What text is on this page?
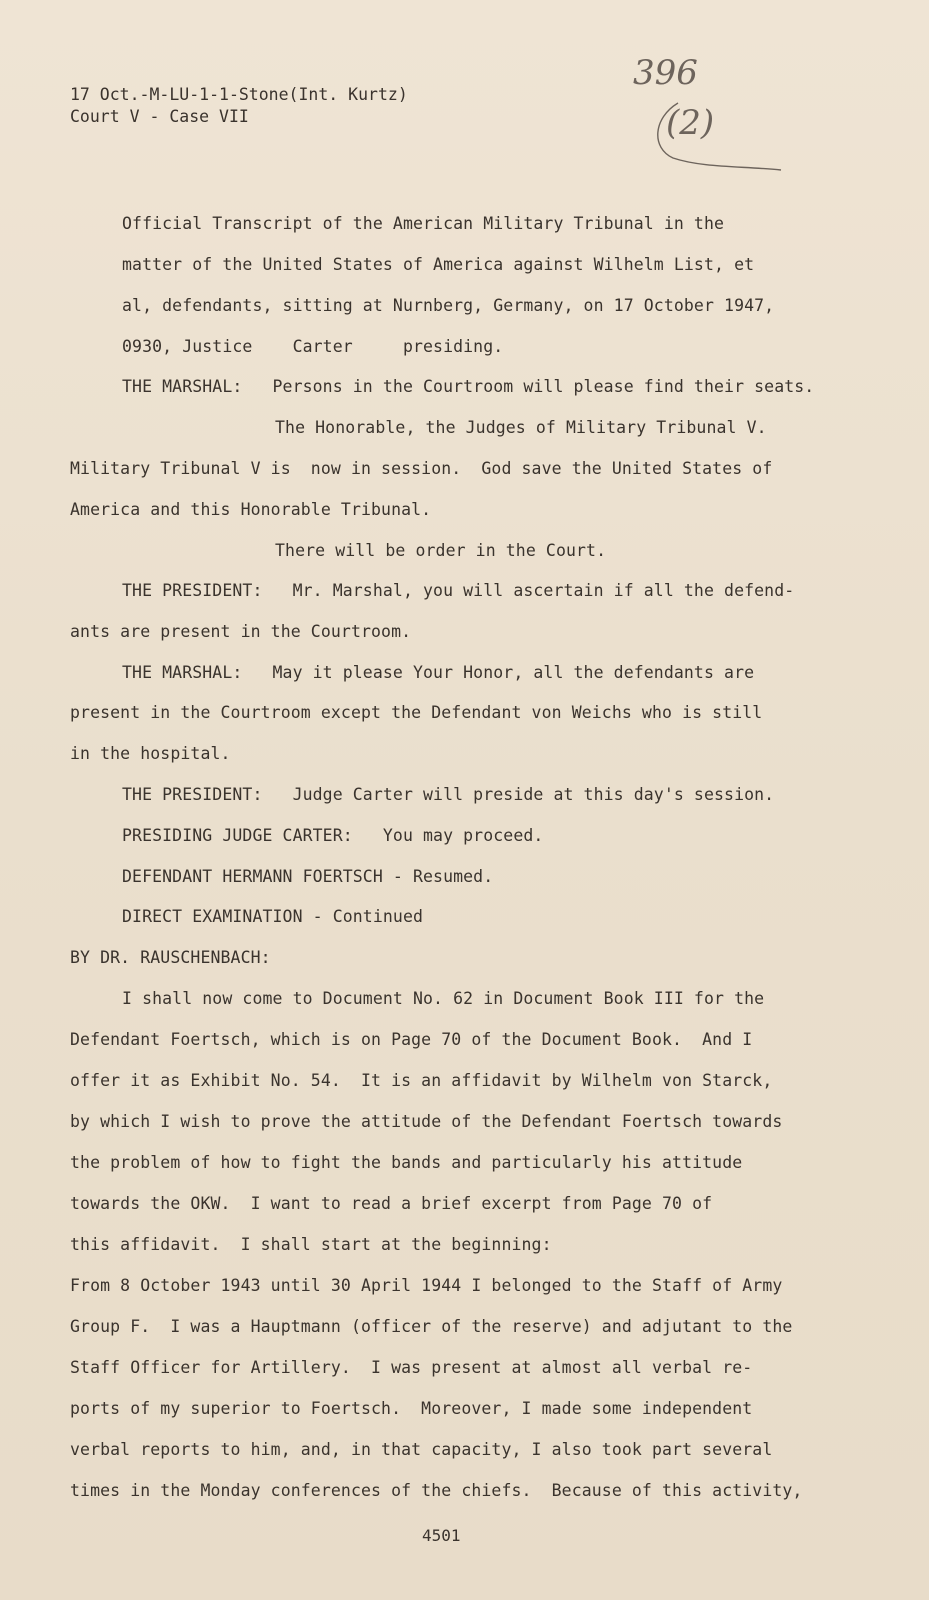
17 Oct.-M-LU-1-1-Stone(Int. Kurtz)
Court V - Case VII
396
(2)
Official Transcript of the American Military Tribunal in the
matter of the United States of America against Wilhelm List, et
al, defendants, sitting at Nurnberg, Germany, on 17 October 1947,
0930, Justice    Carter     presiding.
THE MARSHAL:   Persons in the Courtroom will please find their seats.
The Honorable, the Judges of Military Tribunal V.
Military Tribunal V is  now in session.  God save the United States of
America and this Honorable Tribunal.
There will be order in the Court.
THE PRESIDENT:   Mr. Marshal, you will ascertain if all the defend-
ants are present in the Courtroom.
THE MARSHAL:   May it please Your Honor, all the defendants are
present in the Courtroom except the Defendant von Weichs who is still
in the hospital.
THE PRESIDENT:   Judge Carter will preside at this day's session.
PRESIDING JUDGE CARTER:   You may proceed.
DEFENDANT HERMANN FOERTSCH - Resumed.
DIRECT EXAMINATION - Continued
BY DR. RAUSCHENBACH:
I shall now come to Document No. 62 in Document Book III for the
Defendant Foertsch, which is on Page 70 of the Document Book.  And I
offer it as Exhibit No. 54.  It is an affidavit by Wilhelm von Starck,
by which I wish to prove the attitude of the Defendant Foertsch towards
the problem of how to fight the bands and particularly his attitude
towards the OKW.  I want to read a brief excerpt from Page 70 of
this affidavit.  I shall start at the beginning:
From 8 October 1943 until 30 April 1944 I belonged to the Staff of Army
Group F.  I was a Hauptmann (officer of the reserve) and adjutant to the
Staff Officer for Artillery.  I was present at almost all verbal re-
ports of my superior to Foertsch.  Moreover, I made some independent
verbal reports to him, and, in that capacity, I also took part several
times in the Monday conferences of the chiefs.  Because of this activity,
4501
